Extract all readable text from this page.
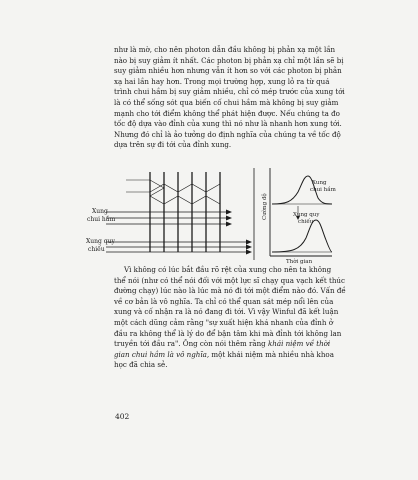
như là mờ, cho nên photon dẫn đầu không bị phản xạ một lần
nào bị suy giảm ít nhất. Các photon bị phản xạ chỉ một lần sẽ bị
suy giảm nhiều hơn nhưng vẫn ít hơn so với các photon bị phản
xạ hai lần hay hơn. Trong mọi trường hợp, xung lỏ ra từ quá
trình chui hầm bị suy giảm nhiều, chỉ có mép trước của xung tới
là có thể sống sót qua biến cố chui hầm mà không bị suy giảm
mạnh cho tới điểm không thể phát hiện được. Nếu chúng ta đo
tốc độ dựa vào đỉnh của xung thì nó như là nhanh hơn xung tới.
Nhưng đó chỉ là ảo tưởng do định nghĩa của chúng ta về tốc độ
dựa trên sự đi tới của đỉnh xung.

Xung
chui hầm
Xung quy
chiếu
Cường độ
Xung
chui hầm
Xung quy
chiếu
Thời gian

Vì không có lúc bắt đầu rõ rệt của xung cho nên ta không
thể nói (như có thể nói đối với một lực sĩ chạy qua vạch kết thúc
đường chạy) lúc nào là lúc mà nó đi tới một điểm nào đó. Vấn đề
về cơ bản là vô nghĩa. Ta chỉ có thể quan sát mép nổi lên của
xung và cố nhận ra là nó đang đi tới. Vì vậy Winful đã kết luận
một cách dũng cảm rằng "sự xuất hiện khá nhanh của đỉnh ở
đầu ra không thể là lý do để bận tâm khi mà đỉnh tới không lan
truyền tới đầu ra". Ông còn nói thêm rằng khái niệm về thời
gian chui hầm là vô nghĩa, một khái niệm mà nhiều nhà khoa
học đã chia sẻ.

402
